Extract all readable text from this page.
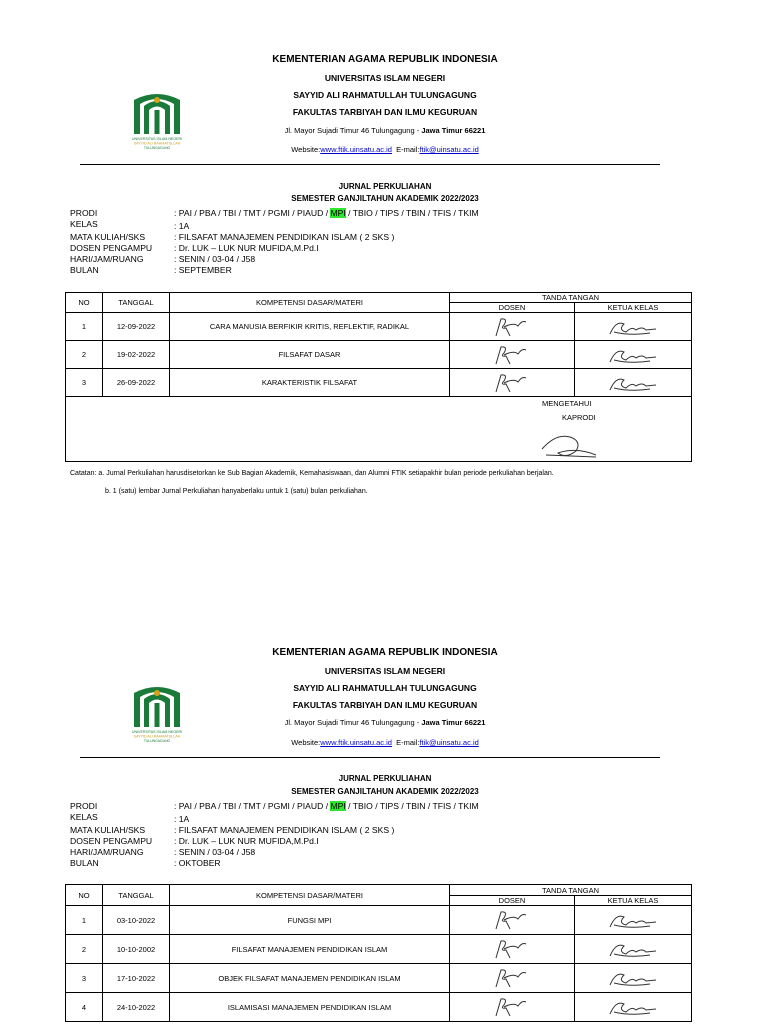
UNIVERSITAS ISLAM NEGERI
SAYYID ALI RAHMATULLAH
TULUNGAGUNG
KEMENTERIAN AGAMA REPUBLIK INDONESIA
UNIVERSITAS ISLAM NEGERI
SAYYID ALI RAHMATULLAH TULUNGAGUNG
FAKULTAS TARBIYAH DAN ILMU KEGURUAN
Jl. Mayor Sujadi Timur 46 Tulungagung - Jawa Timur 66221
Website:www.ftik.uinsatu.ac.id E-mail:ftik@uinsatu.ac.id
JURNAL PERKULIAHAN
SEMESTER GANJILTAHUN AKADEMIK 2022/2023
PRODI	: PAI / PBA / TBI / TMT / PGMI / PIAUD / MPI / TBIO / TIPS / TBIN / TFIS / TKIM
KELAS	: 1A
MATA KULIAH/SKS	: FILSAFAT MANAJEMEN PENDIDIKAN ISLAM ( 2 SKS )
DOSEN PENGAMPU	: Dr. LUK – LUK NUR MUFIDA,M.Pd.I
HARI/JAM/RUANG	: SENIN / 03-04 / J58
BULAN	: SEPTEMBER
NO	TANGGAL	KOMPETENSI DASAR/MATERI	TANDA TANGAN	
			DOSEN	KETUA KELAS
1	12-09-2022	CARA MANUSIA BERFIKIR KRITIS, REFLEKTIF, RADIKAL	

2	19-02-2022	FILSAFAT DASAR	

3	26-09-2022	KARAKTERISTIK FILSAFAT	

MENGETAHUI
KAPRODI				
Catatan: a. Jurnal Perkuliahan harusdisetorkan ke Sub Bagian Akademik, Kemahasiswaan, dan Alumni FTIK setiapakhir bulan periode perkuliahan berjalan.
b. 1 (satu) lembar Jurnal Perkuliahan hanyaberlaku untuk 1 (satu) bulan perkuliahan.
UNIVERSITAS ISLAM NEGERI
SAYYID ALI RAHMATULLAH
TULUNGAGUNG
KEMENTERIAN AGAMA REPUBLIK INDONESIA
UNIVERSITAS ISLAM NEGERI
SAYYID ALI RAHMATULLAH TULUNGAGUNG
FAKULTAS TARBIYAH DAN ILMU KEGURUAN
Jl. Mayor Sujadi Timur 46 Tulungagung - Jawa Timur 66221
Website:www.ftik.uinsatu.ac.id E-mail:ftik@uinsatu.ac.id
JURNAL PERKULIAHAN
SEMESTER GANJILTAHUN AKADEMIK 2022/2023
PRODI	: PAI / PBA / TBI / TMT / PGMI / PIAUD / MPI / TBIO / TIPS / TBIN / TFIS / TKIM
KELAS	: 1A
MATA KULIAH/SKS	: FILSAFAT MANAJEMEN PENDIDIKAN ISLAM ( 2 SKS )
DOSEN PENGAMPU	: Dr. LUK – LUK NUR MUFIDA,M.Pd.I
HARI/JAM/RUANG	: SENIN / 03-04 / J58
BULAN	: OKTOBER
NO	TANGGAL	KOMPETENSI DASAR/MATERI	TANDA TANGAN	
			DOSEN	KETUA KELAS
1	03-10-2022	FUNGSI MPI	

2	10-10-2002	FILSAFAT MANAJEMEN PENDIDIKAN ISLAM	

3	17-10-2022	OBJEK FILSAFAT MANAJEMEN PENDIDIKAN ISLAM	

4	24-10-2022	ISLAMISASI MANAJEMEN PENDIDIKAN ISLAM	
